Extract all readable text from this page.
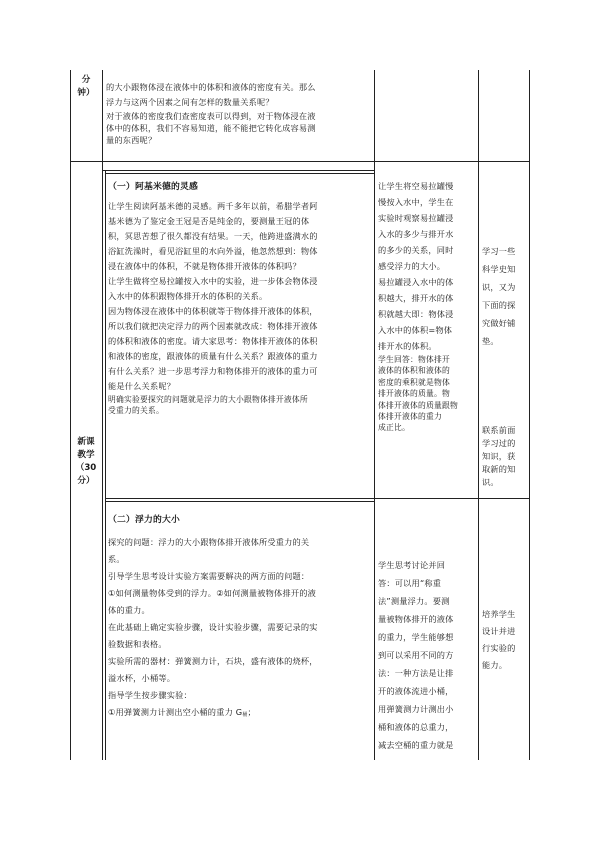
分
钟）

的大小跟物体浸在液体中的体积和液体的密度有关。那么

浮力与这两个因素之间有怎样的数量关系呢？

对于液体的密度我们查密度表可以得到，对于物体浸在液

体中的体积，我们不容易知道，能不能把它转化成容易测

量的东西呢？

新课
教学
（30
分）

（一）阿基米德的灵感

让学生阅读阿基米德的灵感。两千多年以前，希腊学者阿

基米德为了鉴定金王冠是否是纯金的，要测量王冠的体

积，冥思苦想了很久都没有结果。一天，他跨进盛满水的

浴缸洗澡时，看见浴缸里的水向外溢，他忽然想到：物体

浸在液体中的体积，不就是物体排开液体的体积吗？

让学生做将空易拉罐按入水中的实验，进一步体会物体浸

入水中的体积跟物体排开水的体积的关系。

因为物体浸在液体中的体积就等于物体排开液体的体积，

所以我们就把决定浮力的两个因素就改成：物体排开液体

的体积和液体的密度。请大家思考：物体排开液体的体积

和液体的密度，跟液体的质量有什么关系？跟液体的重力

有什么关系？进一步思考浮力和物体排开的液体的重力可

能是什么关系呢？

明确实验要探究的问题就是浮力的大小跟物体排开液体所

受重力的关系。

让学生将空易拉罐慢

慢按入水中，学生在

实验时观察易拉罐浸

入水的多少与排开水

的多少的关系，同时

感受浮力的大小。

易拉罐浸入水中的体

积越大，排开水的体

积就越大即：物体浸

入水中的体积=物体

排开水的体积。

学生回答：物体排开

液体的体积和液体的

密度的乘积就是物体

排开液体的质量。物

体排开液体的质量跟物

体排开液体的重力

成正比。

学习一些

科学史知

识，又为

下面的探

究做好铺

垫。

联系前面

学习过的

知识，获

取新的知

识。

（二）浮力的大小

探究的问题：浮力的大小跟物体排开液体所受重力的关

系。

引导学生思考设计实验方案需要解决的两方面的问题：

①如何测量物体受到的浮力。②如何测量被物体排开的液

体的重力。

在此基础上确定实验步骤，设计实验步骤，需要记录的实

验数据和表格。

实验所需的器材：弹簧测力计，石块，盛有液体的烧杯，

溢水杯，小桶等。

指导学生按步骤实验：

①用弹簧测力计测出空小桶的重力 $G_桶$；

学生思考讨论并回

答：可以用“称重

法”测量浮力。要测

量被物体排开的液体

的重力，学生能够想

到可以采用不同的方

法：一种方法是让排

开的液体流进小桶，

用弹簧测力计测出小

桶和液体的总重力，

减去空桶的重力就是

培养学生

设计并进

行实验的

能力。
